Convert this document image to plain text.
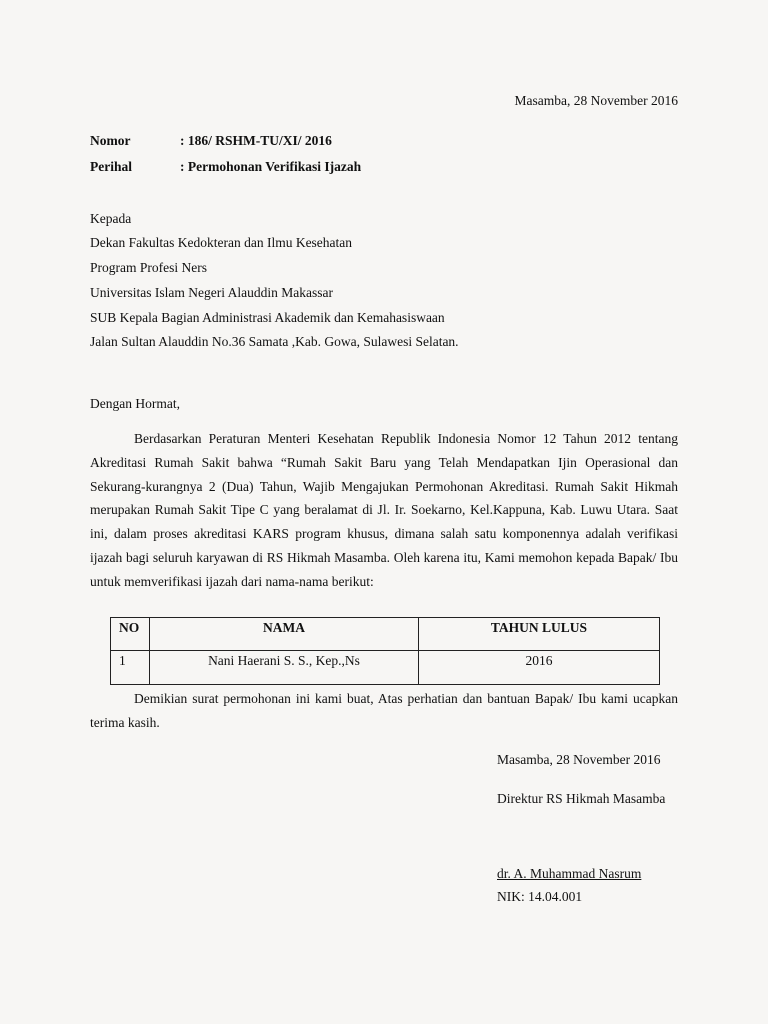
Masamba, 28 November 2016
Nomor	: 186/ RSHM-TU/XI/ 2016
Perihal	: Permohonan Verifikasi Ijazah
Kepada
Dekan Fakultas Kedokteran dan Ilmu Kesehatan
Program Profesi Ners
Universitas Islam Negeri Alauddin Makassar
SUB Kepala Bagian Administrasi Akademik dan Kemahasiswaan
Jalan Sultan Alauddin No.36 Samata ,Kab. Gowa, Sulawesi Selatan.
Dengan Hormat,
Berdasarkan Peraturan Menteri Kesehatan Republik Indonesia Nomor 12 Tahun 2012 tentang Akreditasi Rumah Sakit bahwa “Rumah Sakit Baru yang Telah Mendapatkan Ijin Operasional dan Sekurang-kurangnya 2 (Dua) Tahun, Wajib Mengajukan Permohonan Akreditasi. Rumah Sakit Hikmah merupakan Rumah Sakit Tipe C yang beralamat di Jl. Ir. Soekarno, Kel.Kappuna, Kab. Luwu Utara. Saat ini, dalam proses akreditasi KARS program khusus, dimana salah satu komponennya adalah verifikasi ijazah bagi seluruh karyawan di RS Hikmah Masamba. Oleh karena itu, Kami memohon kepada Bapak/ Ibu untuk memverifikasi ijazah dari nama-nama berikut:
NO	NAMA	TAHUN LULUS
1	Nani Haerani S. S., Kep.,Ns	2016
Demikian surat permohonan ini kami buat, Atas perhatian dan bantuan Bapak/ Ibu kami ucapkan terima kasih.
Masamba, 28 November 2016
Direktur RS Hikmah Masamba
dr. A. Muhammad Nasrum
NIK: 14.04.001
